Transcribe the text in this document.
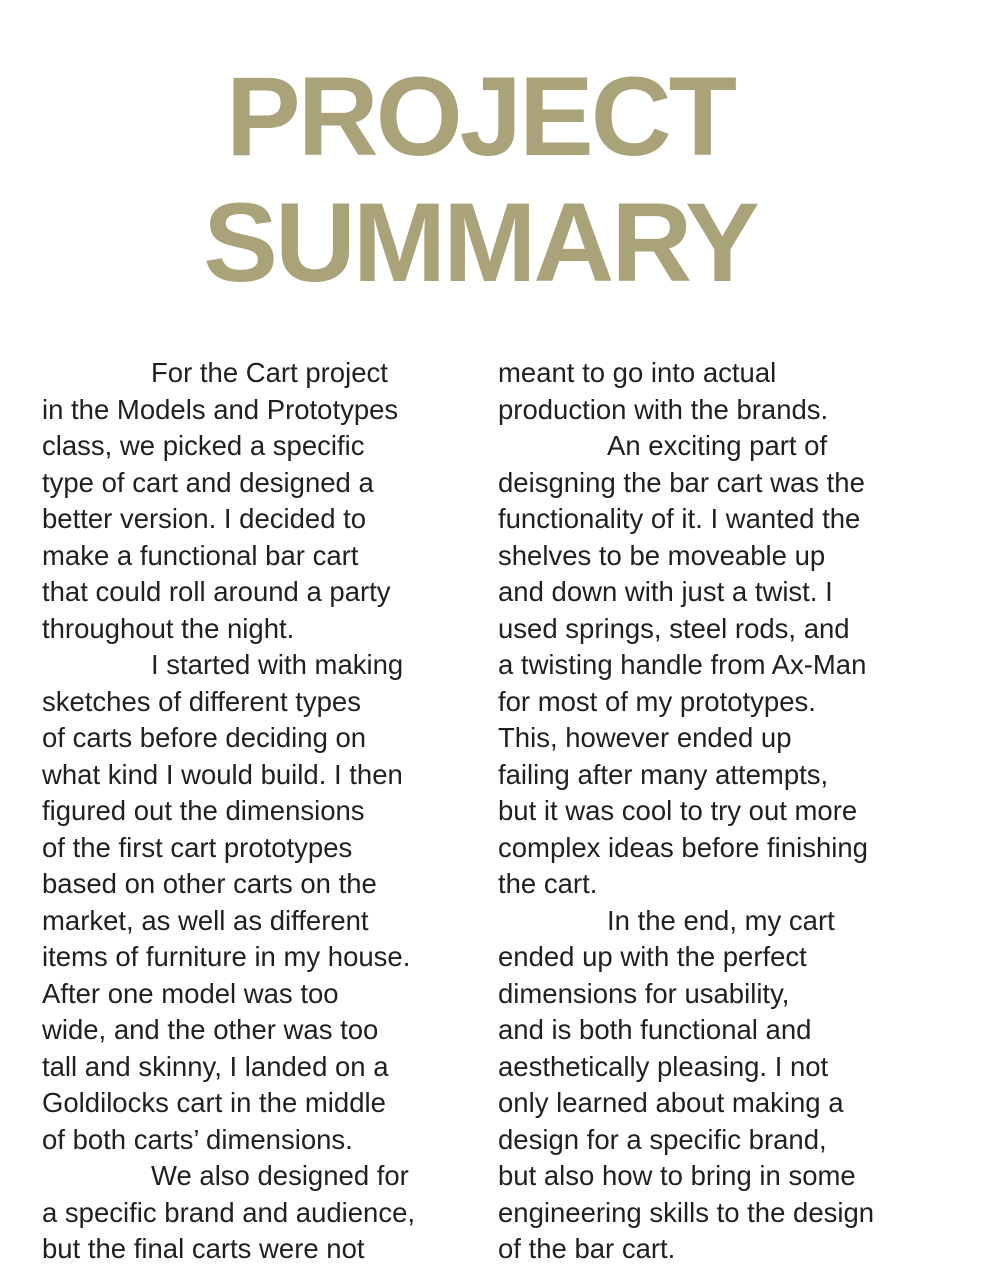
PROJECT
SUMMARY
For the Cart project
in the Models and Prototypes
class, we picked a specific
type of cart and designed a
better version. I decided to
make a functional bar cart
that could roll around a party
throughout the night.
I started with making
sketches of different types
of carts before deciding on
what kind I would build. I then
figured out the dimensions
of the first cart prototypes
based on other carts on the
market, as well as different
items of furniture in my house.
After one model was too
wide, and the other was too
tall and skinny, I landed on a
Goldilocks cart in the middle
of both carts’ dimensions.
We also designed for
a specific brand and audience,
but the final carts were not
meant to go into actual
production with the brands.
An exciting part of
deisgning the bar cart was the
functionality of it. I wanted the
shelves to be moveable up
and down with just a twist. I
used springs, steel rods, and
a twisting handle from Ax-Man
for most of my prototypes.
This, however ended up
failing after many attempts,
but it was cool to try out more
complex ideas before finishing
the cart.
In the end, my cart
ended up with the perfect
dimensions for usability,
and is both functional and
aesthetically pleasing. I not
only learned about making a
design for a specific brand,
but also how to bring in some
engineering skills to the design
of the bar cart.
